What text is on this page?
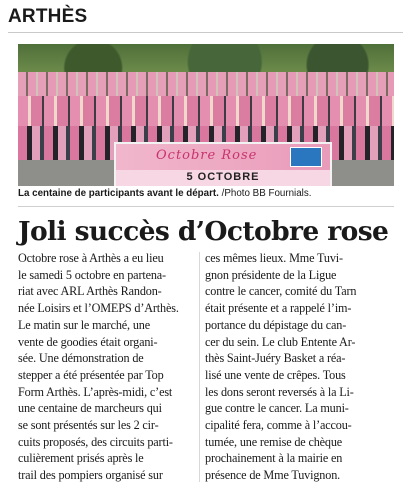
ARTHÈS
Octobre Rose
5 OCTOBRE
La centaine de participants avant le départ. /Photo BB Fournials.
Joli succès d’Octobre rose
Octobre rose à Arthès a eu lieu
le samedi 5 octobre en partena-
riat avec ARL Arthès Randon-
née Loisirs et l’OMEPS d’Arthès.
Le matin sur le marché, une
vente de goodies était organi-
sée. Une démonstration de
stepper a été présentée par Top
Form Arthès. L’après-midi, c’est
une centaine de marcheurs qui
se sont présentés sur les 2 cir-
cuits proposés, des circuits parti-
culièrement prisés après le
trail des pompiers organisé sur
ces mêmes lieux. Mme Tuvi-
gnon présidente de la Ligue
contre le cancer, comité du Tarn
était présente et a rappelé l’im-
portance du dépistage du can-
cer du sein. Le club Entente Ar-
thès Saint-Juéry Basket a réa-
lisé une vente de crêpes. Tous
les dons seront reversés à la Li-
gue contre le cancer. La muni-
cipalité fera, comme à l’accou-
tumée, une remise de chèque
prochainement à la mairie en
présence de Mme Tuvignon.
